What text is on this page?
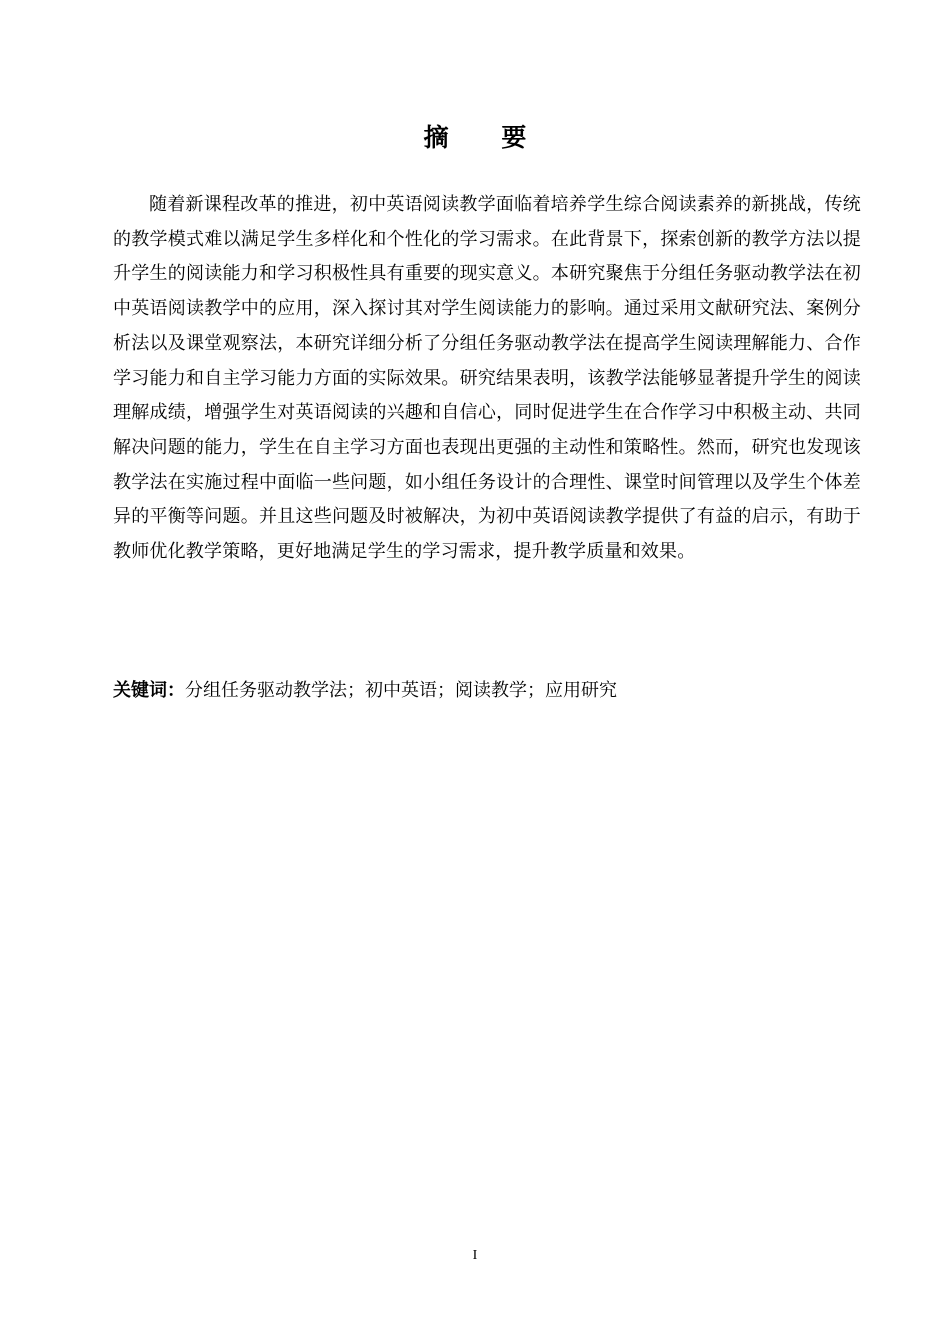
摘 要

随着新课程改革的推进，初中英语阅读教学面临着培养学生综合阅读素养的新挑战，传统的教学模式难以满足学生多样化和个性化的学习需求。在此背景下，探索创新的教学方法以提升学生的阅读能力和学习积极性具有重要的现实意义。本研究聚焦于分组任务驱动教学法在初中英语阅读教学中的应用，深入探讨其对学生阅读能力的影响。通过采用文献研究法、案例分析法以及课堂观察法，本研究详细分析了分组任务驱动教学法在提高学生阅读理解能力、合作学习能力和自主学习能力方面的实际效果。研究结果表明，该教学法能够显著提升学生的阅读理解成绩，增强学生对英语阅读的兴趣和自信心，同时促进学生在合作学习中积极主动、共同解决问题的能力，学生在自主学习方面也表现出更强的主动性和策略性。然而，研究也发现该教学法在实施过程中面临一些问题，如小组任务设计的合理性、课堂时间管理以及学生个体差异的平衡等问题。并且这些问题及时被解决，为初中英语阅读教学提供了有益的启示，有助于教师优化教学策略，更好地满足学生的学习需求，提升教学质量和效果。

关键词：分组任务驱动教学法；初中英语；阅读教学；应用研究

I
